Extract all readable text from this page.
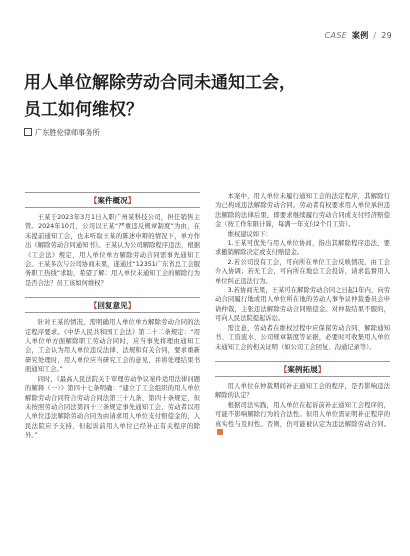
CASE 案例 / 29
用人单位解除劳动合同未通知工会，
员工如何维权？
广东胜伦律师事务所
【案件概况】

王某于2023年3月1日入职广州某科技公司，担任销售主管。2024年10月，公司以王某“严重违反规章制度”为由，在未提前通知工会，也未听取王某的陈述申辩的情况下，单方作出《解除劳动合同通知书》。王某认为公司解除程序违法，根据《工会法》规定，用人单位单方解除劳动合同需事先通知工会。王某多次与公司协商未果，遂通过“12351广东省总工会服务职工热线”求助，希望了解：用人单位未通知工会的解除行为是否合法？员工该如何维权？

【回复意见】

针对王某的情况，需明确用人单位单方解除劳动合同的法定程序要求。《中华人民共和国工会法》第二十二条规定：“用人单位单方面解除职工劳动合同时，应当事先将理由通知工会，工会认为用人单位违反法律、法规和有关合同，要求重新研究处理时，用人单位应当研究工会的意见，并将处理结果书面通知工会。”

同时，《最高人民法院关于审理劳动争议案件适用法律问题的解释（一）》第四十七条明确：“建立了工会组织的用人单位解除劳动合同符合劳动合同法第三十九条、第四十条规定，但未按照劳动合同法第四十三条规定事先通知工会，劳动者以用人单位违法解除劳动合同为由请求用人单位支付赔偿金的，人民法院应予支持，但起诉前用人单位已经补正有关程序的除外。”

本案中，用人单位未履行通知工会的法定程序，其解除行为已构成违法解除劳动合同。劳动者有权要求用人单位承担违法解除的法律后果，即要求继续履行劳动合同或支付经济赔偿金（按工作年限计算，每满一年支付2个月工资）。

维权建议如下：

1.王某可优先与用人单位协商，指出其解除程序违法，要求撤销解除决定或支付赔偿金。

2.若公司没有工会，可向所在单位工会反映情况，由工会介入协调；若无工会，可向所在地总工会投诉，请求监督用人单位纠正违法行为。

3.若协商无果，王某可在解除劳动合同之日起1年内，向劳动合同履行地或用人单位所在地的劳动人事争议仲裁委员会申请仲裁，主张违法解除劳动合同赔偿金。对仲裁结果不服的，可向人民法院提起诉讼。

需注意，劳动者在维权过程中应保留劳动合同、解除通知书、工资流水、公司规章制度等证据，必要时可收集用人单位未通知工会的相关证明（如公司工会回复、沟通记录等）。

【案例拓展】

用人单位在仲裁期间补正通知工会的程序，是否影响违法解除的认定？

根据司法实践，用人单位在起诉前补正通知工会程序的，可能不影响解除行为的合法性。但用人单位需证明补正程序的真实性与及时性。否则，仍可能被认定为违法解除劳动合同。
